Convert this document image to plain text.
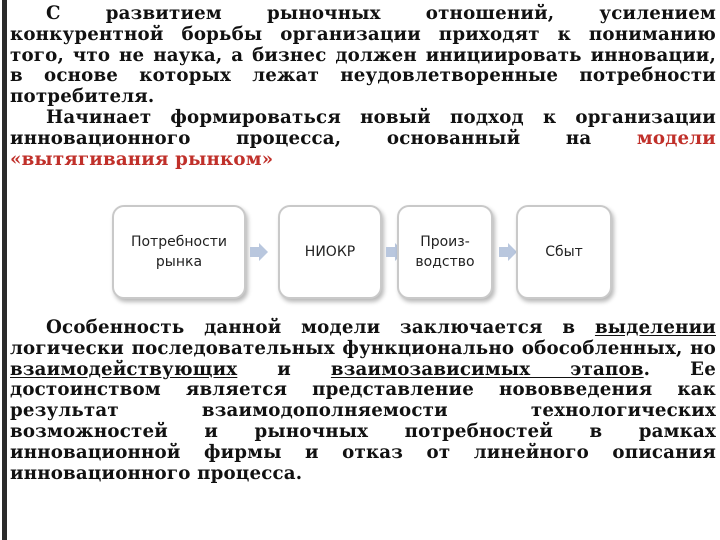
С развитием рыночных отношений, усилением конкурентной борьбы организации приходят к пониманию того, что не наука, а бизнес должен инициировать инновации, в основе которых лежат неудовлетворенные потребности потребителя.

Начинает формироваться новый подход к организации инновационного процесса, основанный на модели «вытягивания рынком»

Потребности
рынка
НИОКР
Произ-
водство
Сбыт

Особенность данной модели заключается в выделении логически последовательных функционально обособленных, но взаимодействующих и взаимозависимых этапов. Ее достоинством является представление нововведения как результат взаимодополняемости технологических возможностей и рыночных потребностей в рамках инновационной фирмы и отказ от линейного описания инновационного процесса.
